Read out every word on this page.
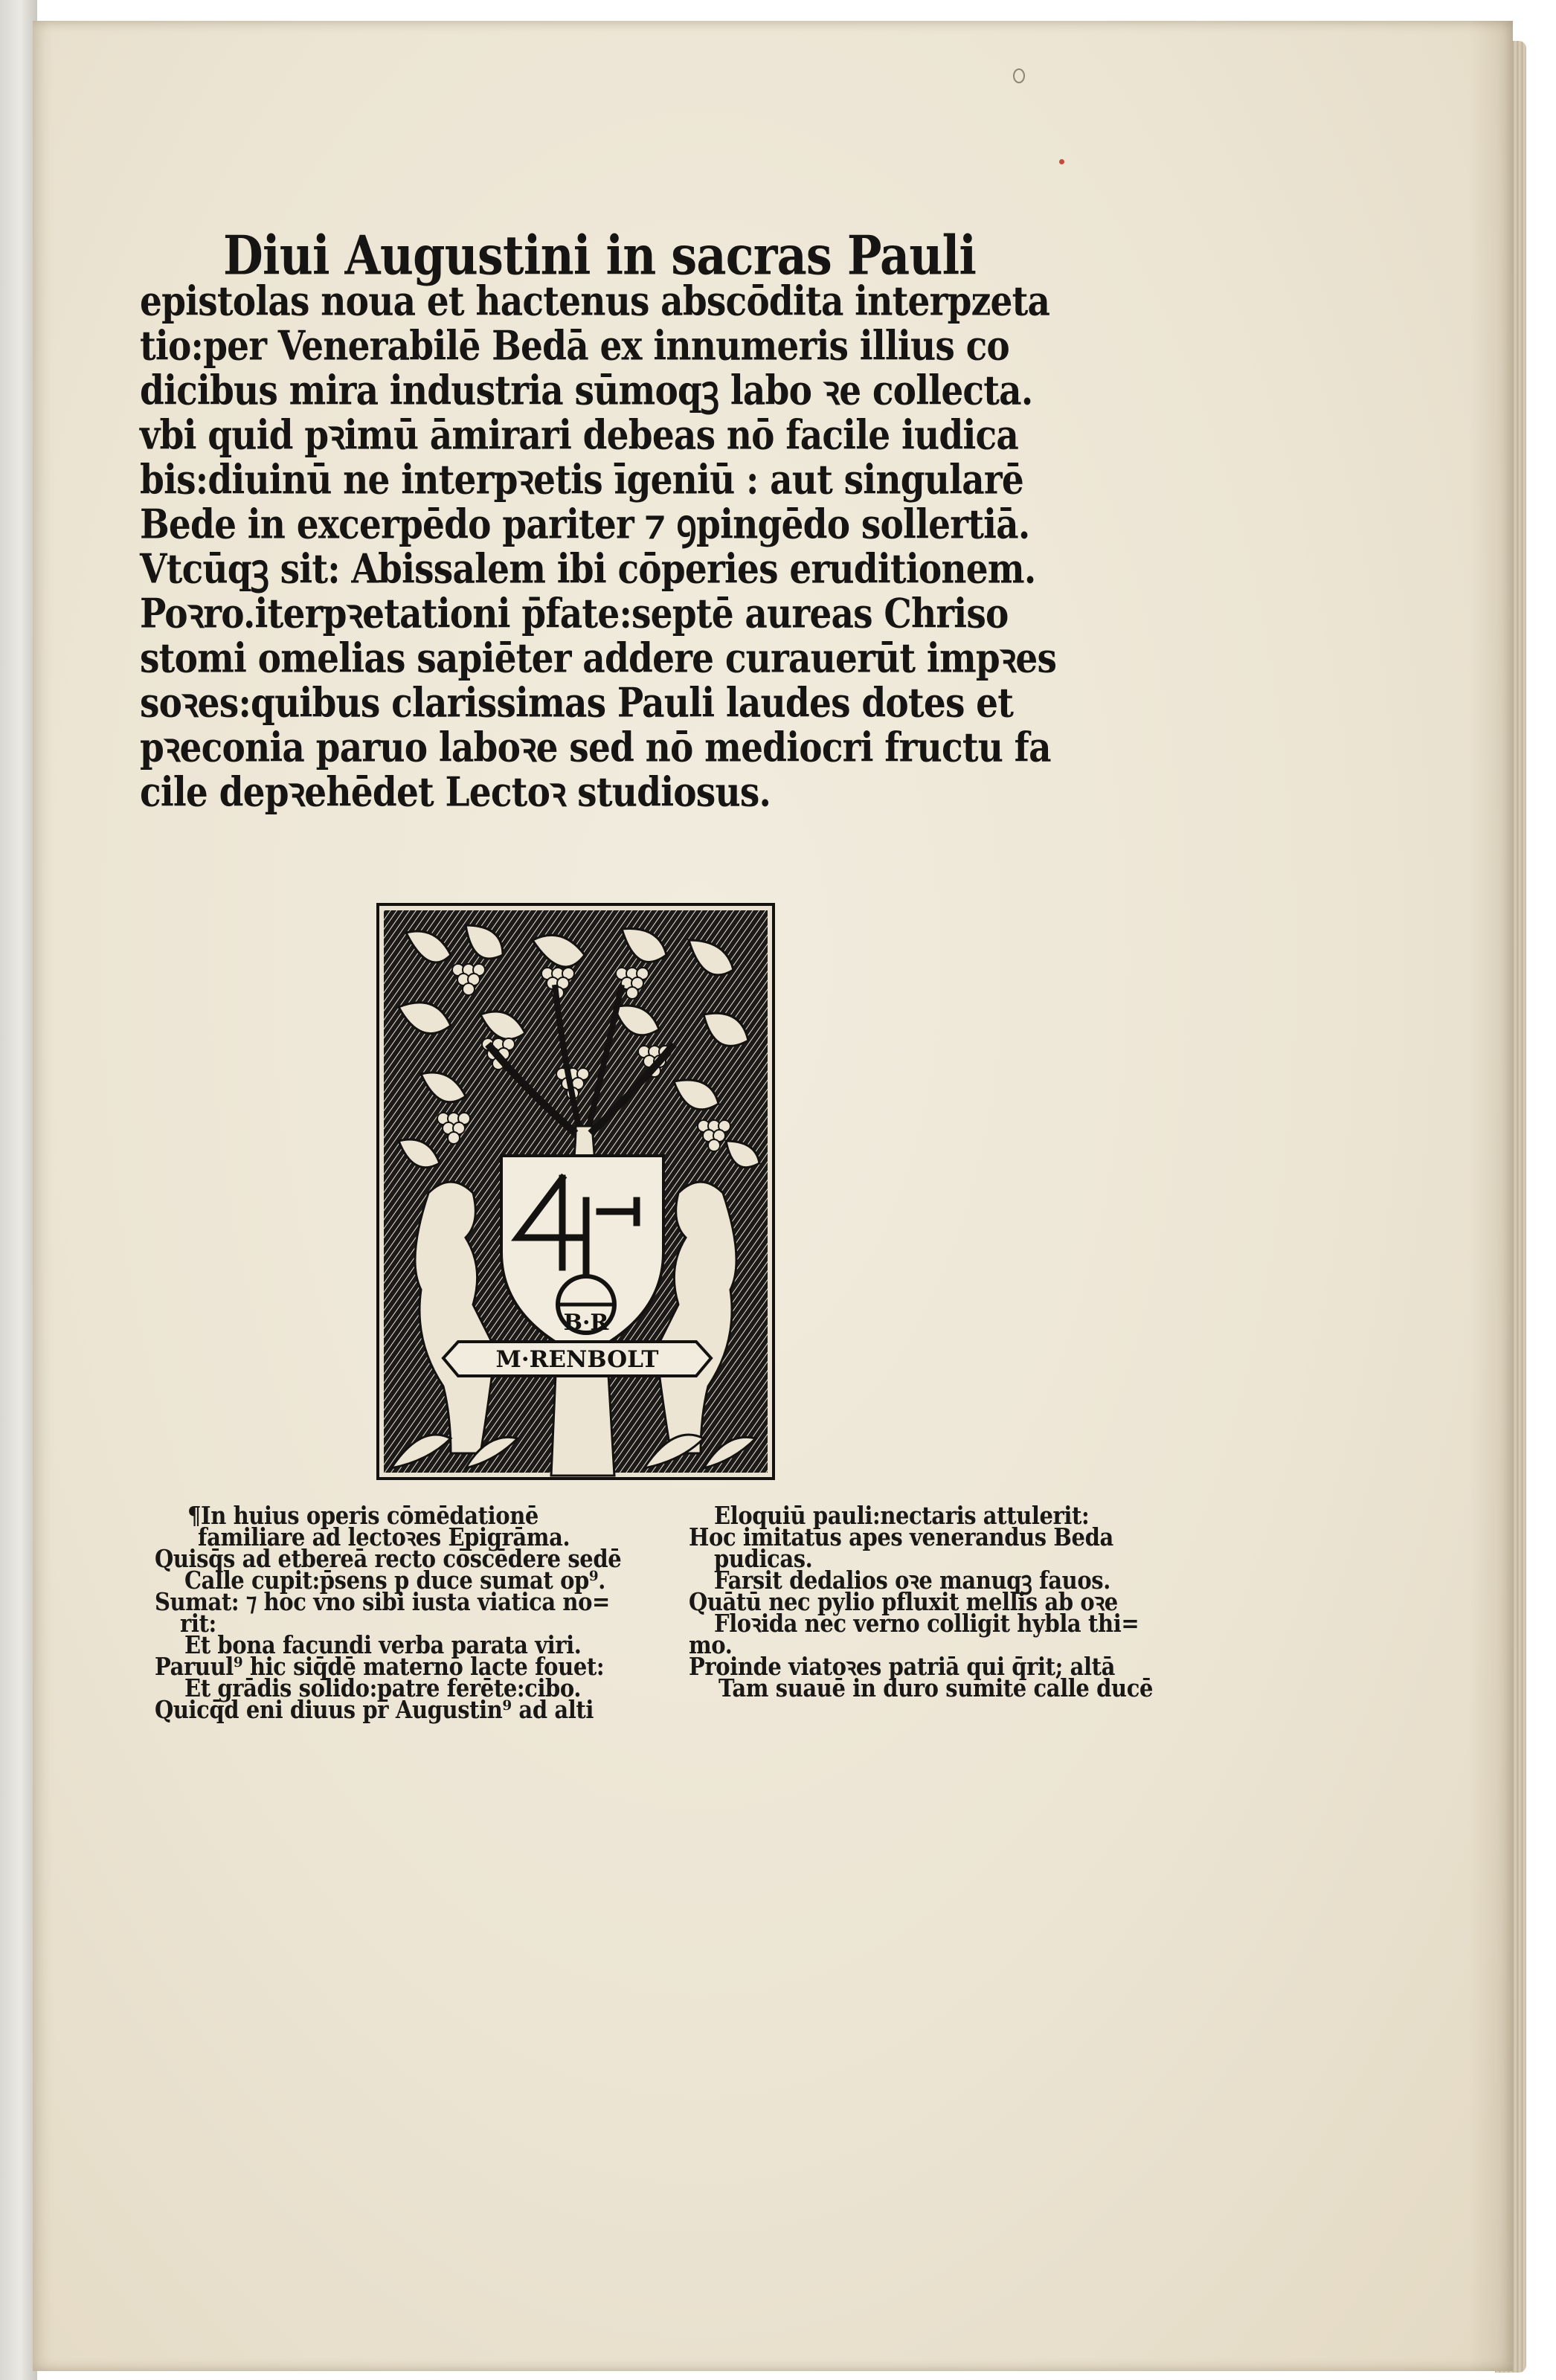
Diui Augustini in sacras Pauli
epistolas noua et hactenus abscōdita interpzeta
tio:per Venerabilē Bedā ex innumeris illius co
dicibus mira industria sūmoqꝫ labo ꝛe collecta.
vbi quid pꝛimū āmirari debeas nō facile iudica
bis:diuinū ne interpꝛetis īgeniū : aut singularē
Bede in excerpēdo pariter ⁊ ꝯpingēdo sollertiā.
Vtcūqꝫ sit: Abissalem ibi cōperies eruditionem.
Poꝛro.iterpꝛetationi p̄fate:septē aureas Chriso
stomi omelias sapiēter addere curauerūt impꝛes
soꝛes:quibus clarissimas Pauli laudes dotes et
pꝛeconia paruo laboꝛe sed nō mediocri fructu fa
cile depꝛehēdet Lectoꝛ studiosus.
B·R
M·RENBOLT
¶In huius operis cōmēdationē
familiare ad lectoꝛes Epigrāma.
Quisq̄s ad etbereā recto cōscēdere sedē
Calle cupit:p̄sens p duce sumat op⁹.
Sumat: ⁊ hoc vno sibi iusta viatica no=
rit:
Et bona facundi verba parata viri.
Paruul⁹ hic siq̄dē materno lacte fouet:
Et grādis solido:patre ferēte:cibo.
Quicq̄d eni diuus pr̄ Augustin⁹ ad alti
Eloquiū pauli:nectaris attulerit:
Hoc imitatus apes venerandus Beda
pudicas.
Farsit dedalios oꝛe manuqꝫ fauos.
Quātū nec pylio pfluxit mellis ab oꝛe
Floꝛida nec verno colligit hybla thi=
mo.
Proinde viatoꝛes patriā qui q̄rit; altā
Tam suauē in duro sumite calle ducē
